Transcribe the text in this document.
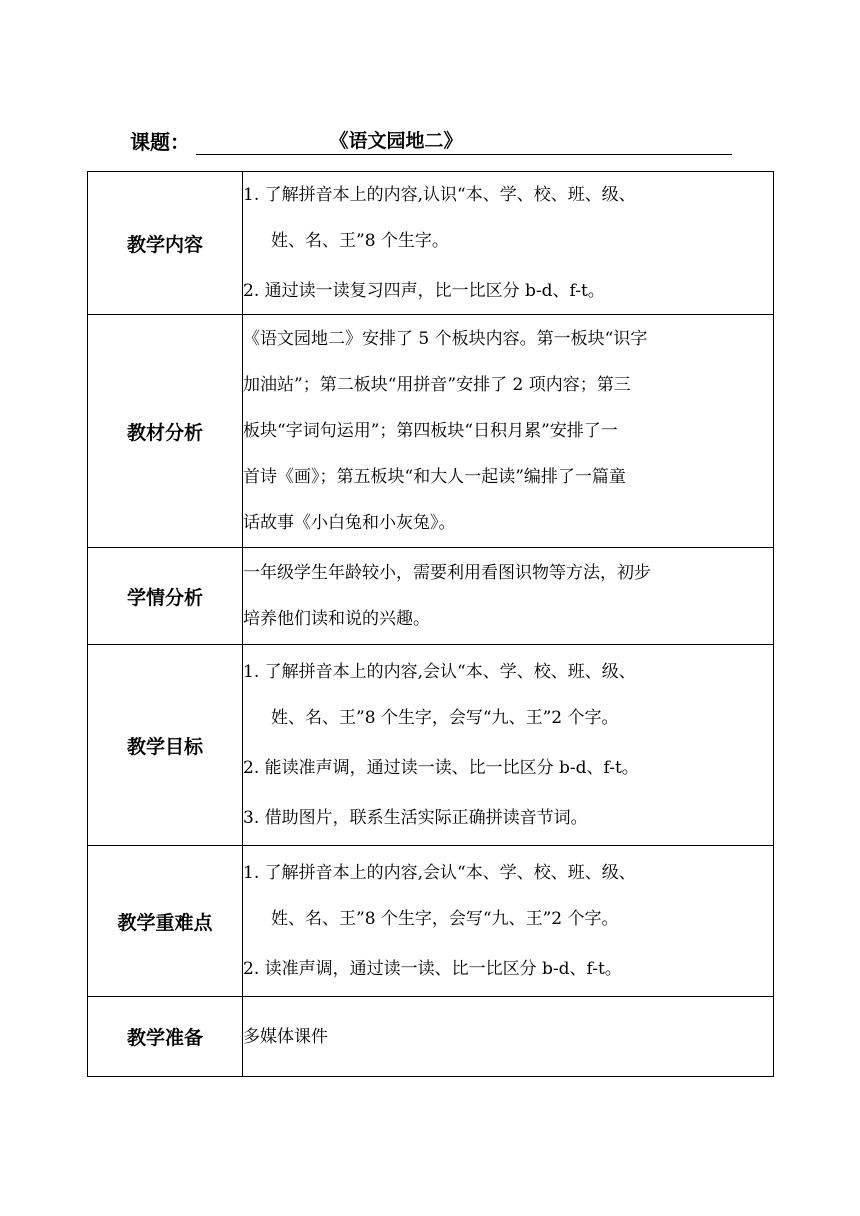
课题：	《语文园地二》
教学内容	1. 了解拼音本上的内容,认识“本、学、校、班、级、
姓、名、王”8 个生字。
2. 通过读一读复习四声，比一比区分 b-d、f-t。

教材分析	《语文园地二》安排了 5 个板块内容。第一板块“识字
加油站”；第二板块“用拼音”安排了 2 项内容；第三
板块“字词句运用”；第四板块“日积月累”安排了一
首诗《画》；第五板块“和大人一起读”编排了一篇童
话故事《小白兔和小灰兔》。

学情分析	一年级学生年龄较小，需要利用看图识物等方法，初步
培养他们读和说的兴趣。

教学目标	1. 了解拼音本上的内容,会认“本、学、校、班、级、
姓、名、王”8 个生字，会写“九、王”2 个字。
2. 能读准声调，通过读一读、比一比区分 b-d、f-t。
3. 借助图片，联系生活实际正确拼读音节词。

教学重难点	1. 了解拼音本上的内容,会认“本、学、校、班、级、
姓、名、王”8 个生字，会写“九、王”2 个字。
2. 读准声调，通过读一读、比一比区分 b-d、f-t。

教学准备	多媒体课件
